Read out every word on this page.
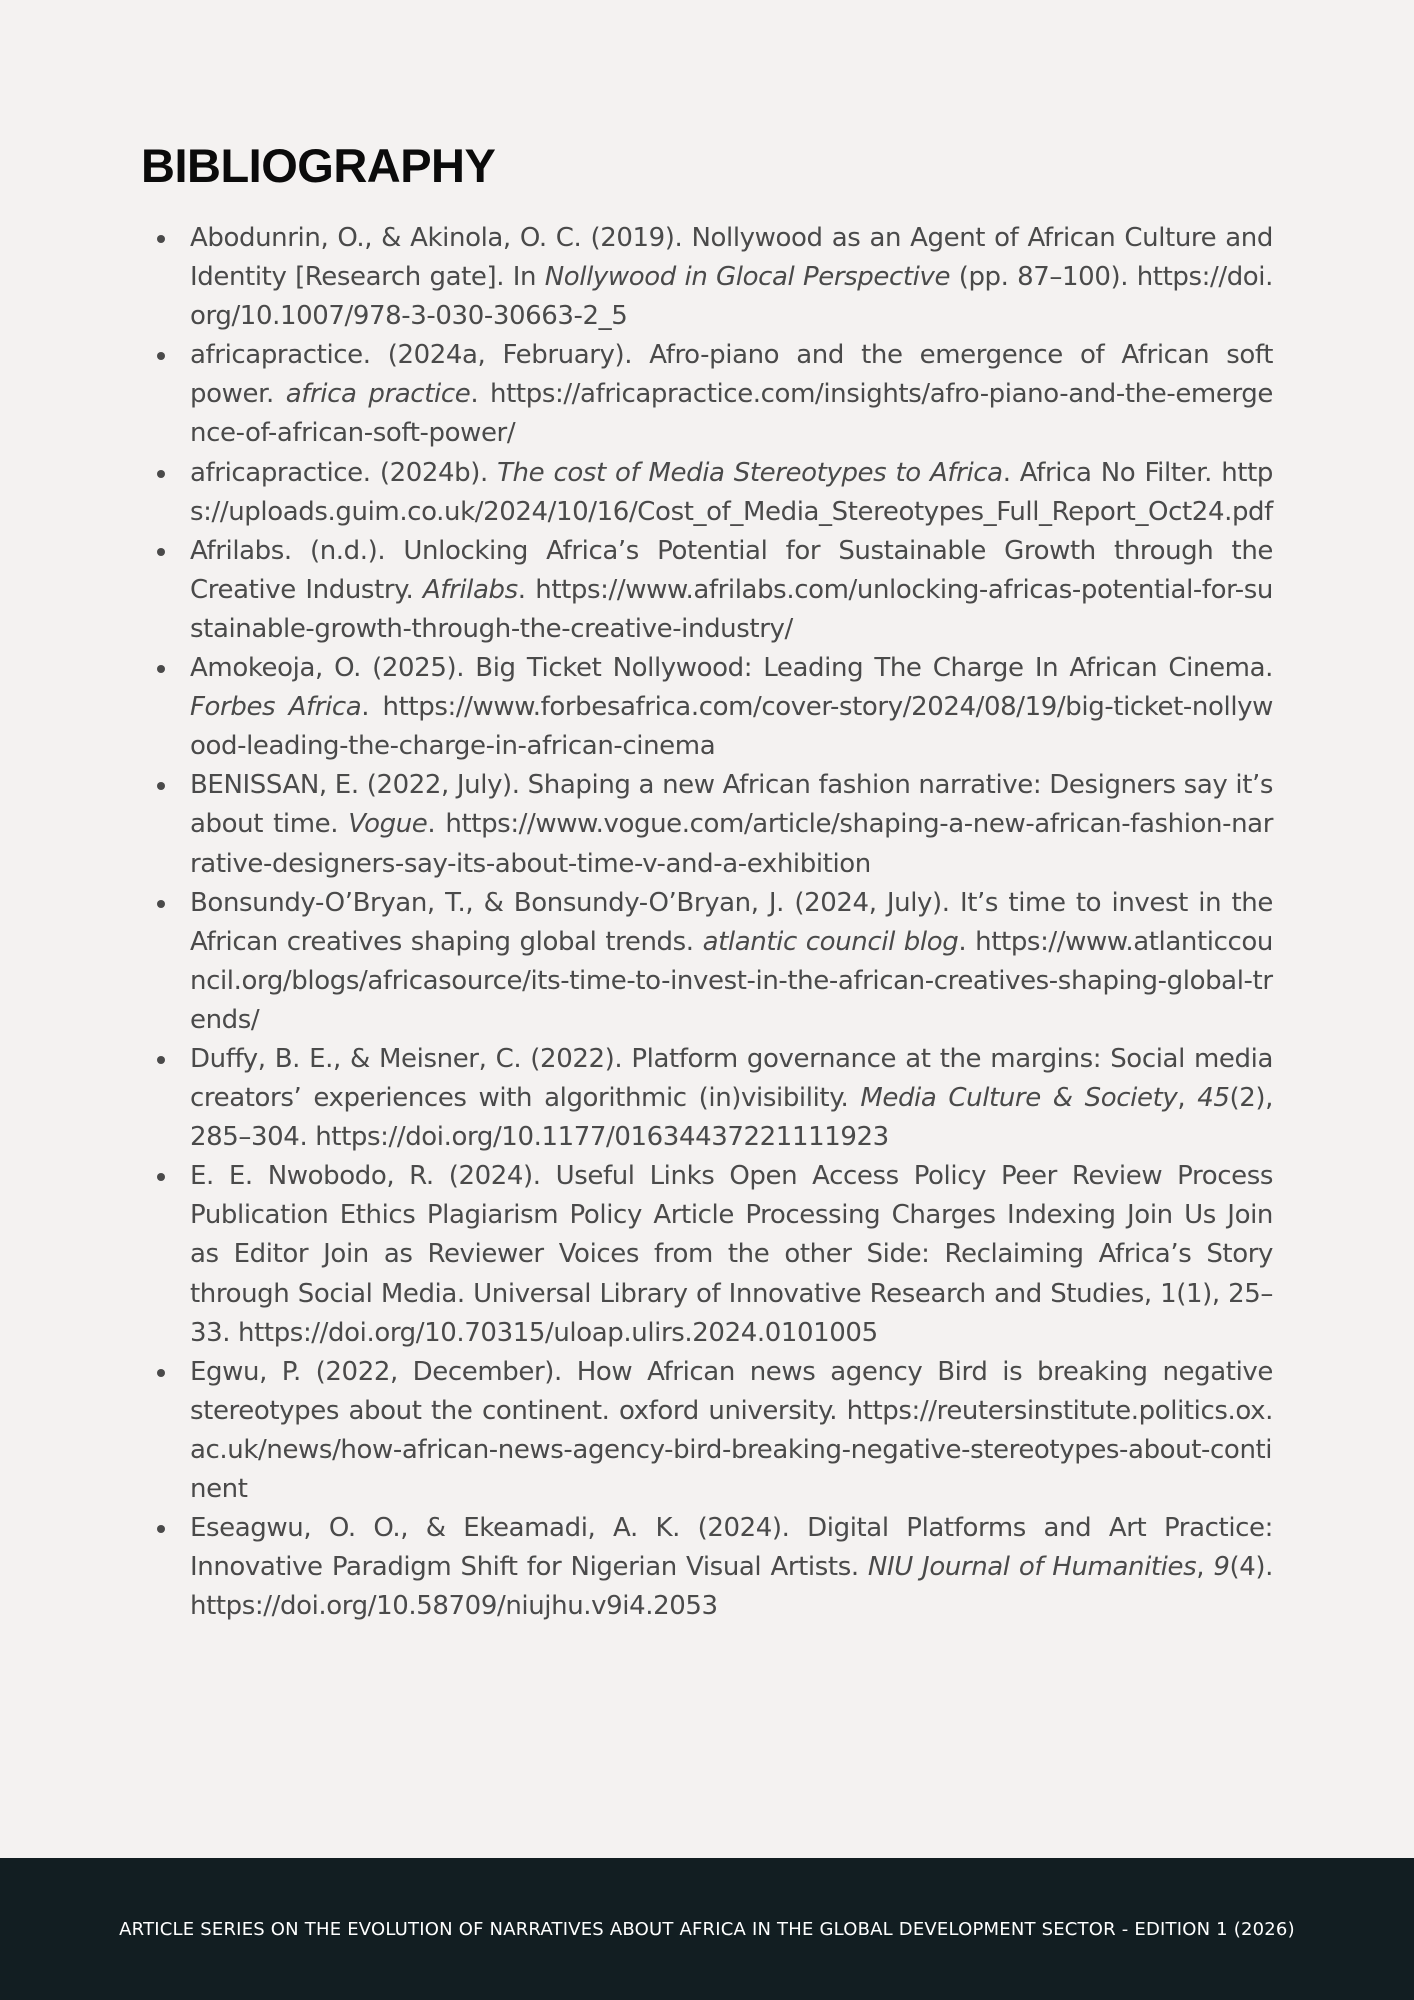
BIBLIOGRAPHY
Abodunrin, O., & Akinola, O. C. (2019). Nollywood as an Agent of African Culture and Identity [Research gate]. In Nollywood in Glocal Perspective (pp. 87–100). https://doi.org/10.1007/978-3-030-30663-2_5
africapractice. (2024a, February). Afro-piano and the emergence of African soft power. africa practice. https://africapractice.com/insights/afro-piano-and-the-emergence-of-african-soft-power/
africapractice. (2024b). The cost of Media Stereotypes to Africa. Africa No Filter. https://uploads.guim.co.uk/2024/10/16/Cost_of_Media_Stereotypes_Full_Report_Oct24.pdf
Afrilabs. (n.d.). Unlocking Africa’s Potential for Sustainable Growth through the Creative Industry. Afrilabs. https://www.afrilabs.com/unlocking-africas-potential-for-sustainable-growth-through-the-creative-industry/
Amokeoja, O. (2025). Big Ticket Nollywood: Leading The Charge In African Cinema. Forbes Africa. https://www.forbesafrica.com/cover-story/2024/08/19/big-ticket-nollywood-leading-the-charge-in-african-cinema
BENISSAN, E. (2022, July). Shaping a new African fashion narrative: Designers say it’s about time. Vogue. https://www.vogue.com/article/shaping-a-new-african-fashion-narrative-designers-say-its-about-time-v-and-a-exhibition
Bonsundy-O’Bryan, T., & Bonsundy-O’Bryan, J. (2024, July). It’s time to invest in the African creatives shaping global trends. atlantic council blog. https://www.atlanticcouncil.org/blogs/africasource/its-time-to-invest-in-the-african-creatives-shaping-global-trends/
Duffy, B. E., & Meisner, C. (2022). Platform governance at the margins: Social media creators’ experiences with algorithmic (in)visibility. Media Culture & Society, 45(2), 285–304. https://doi.org/10.1177/01634437221111923
E. E. Nwobodo, R. (2024). Useful Links Open Access Policy Peer Review Process Publication Ethics Plagiarism Policy Article Processing Charges Indexing Join Us Join as Editor Join as Reviewer Voices from the other Side: Reclaiming Africa’s Story through Social Media. Universal Library of Innovative Research and Studies, 1(1), 25–33. https://doi.org/10.70315/uloap.ulirs.2024.0101005
Egwu, P. (2022, December). How African news agency Bird is breaking negative stereotypes about the continent. oxford university. https://reutersinstitute.politics.ox.ac.uk/news/how-african-news-agency-bird-breaking-negative-stereotypes-about-continent
Eseagwu, O. O., & Ekeamadi, A. K. (2024). Digital Platforms and Art Practice: Innovative Paradigm Shift for Nigerian Visual Artists. NIU Journal of Humanities, 9(4). https://doi.org/10.58709/niujhu.v9i4.2053
ARTICLE SERIES ON THE EVOLUTION OF NARRATIVES ABOUT AFRICA IN THE GLOBAL DEVELOPMENT SECTOR - EDITION 1 (2026)
